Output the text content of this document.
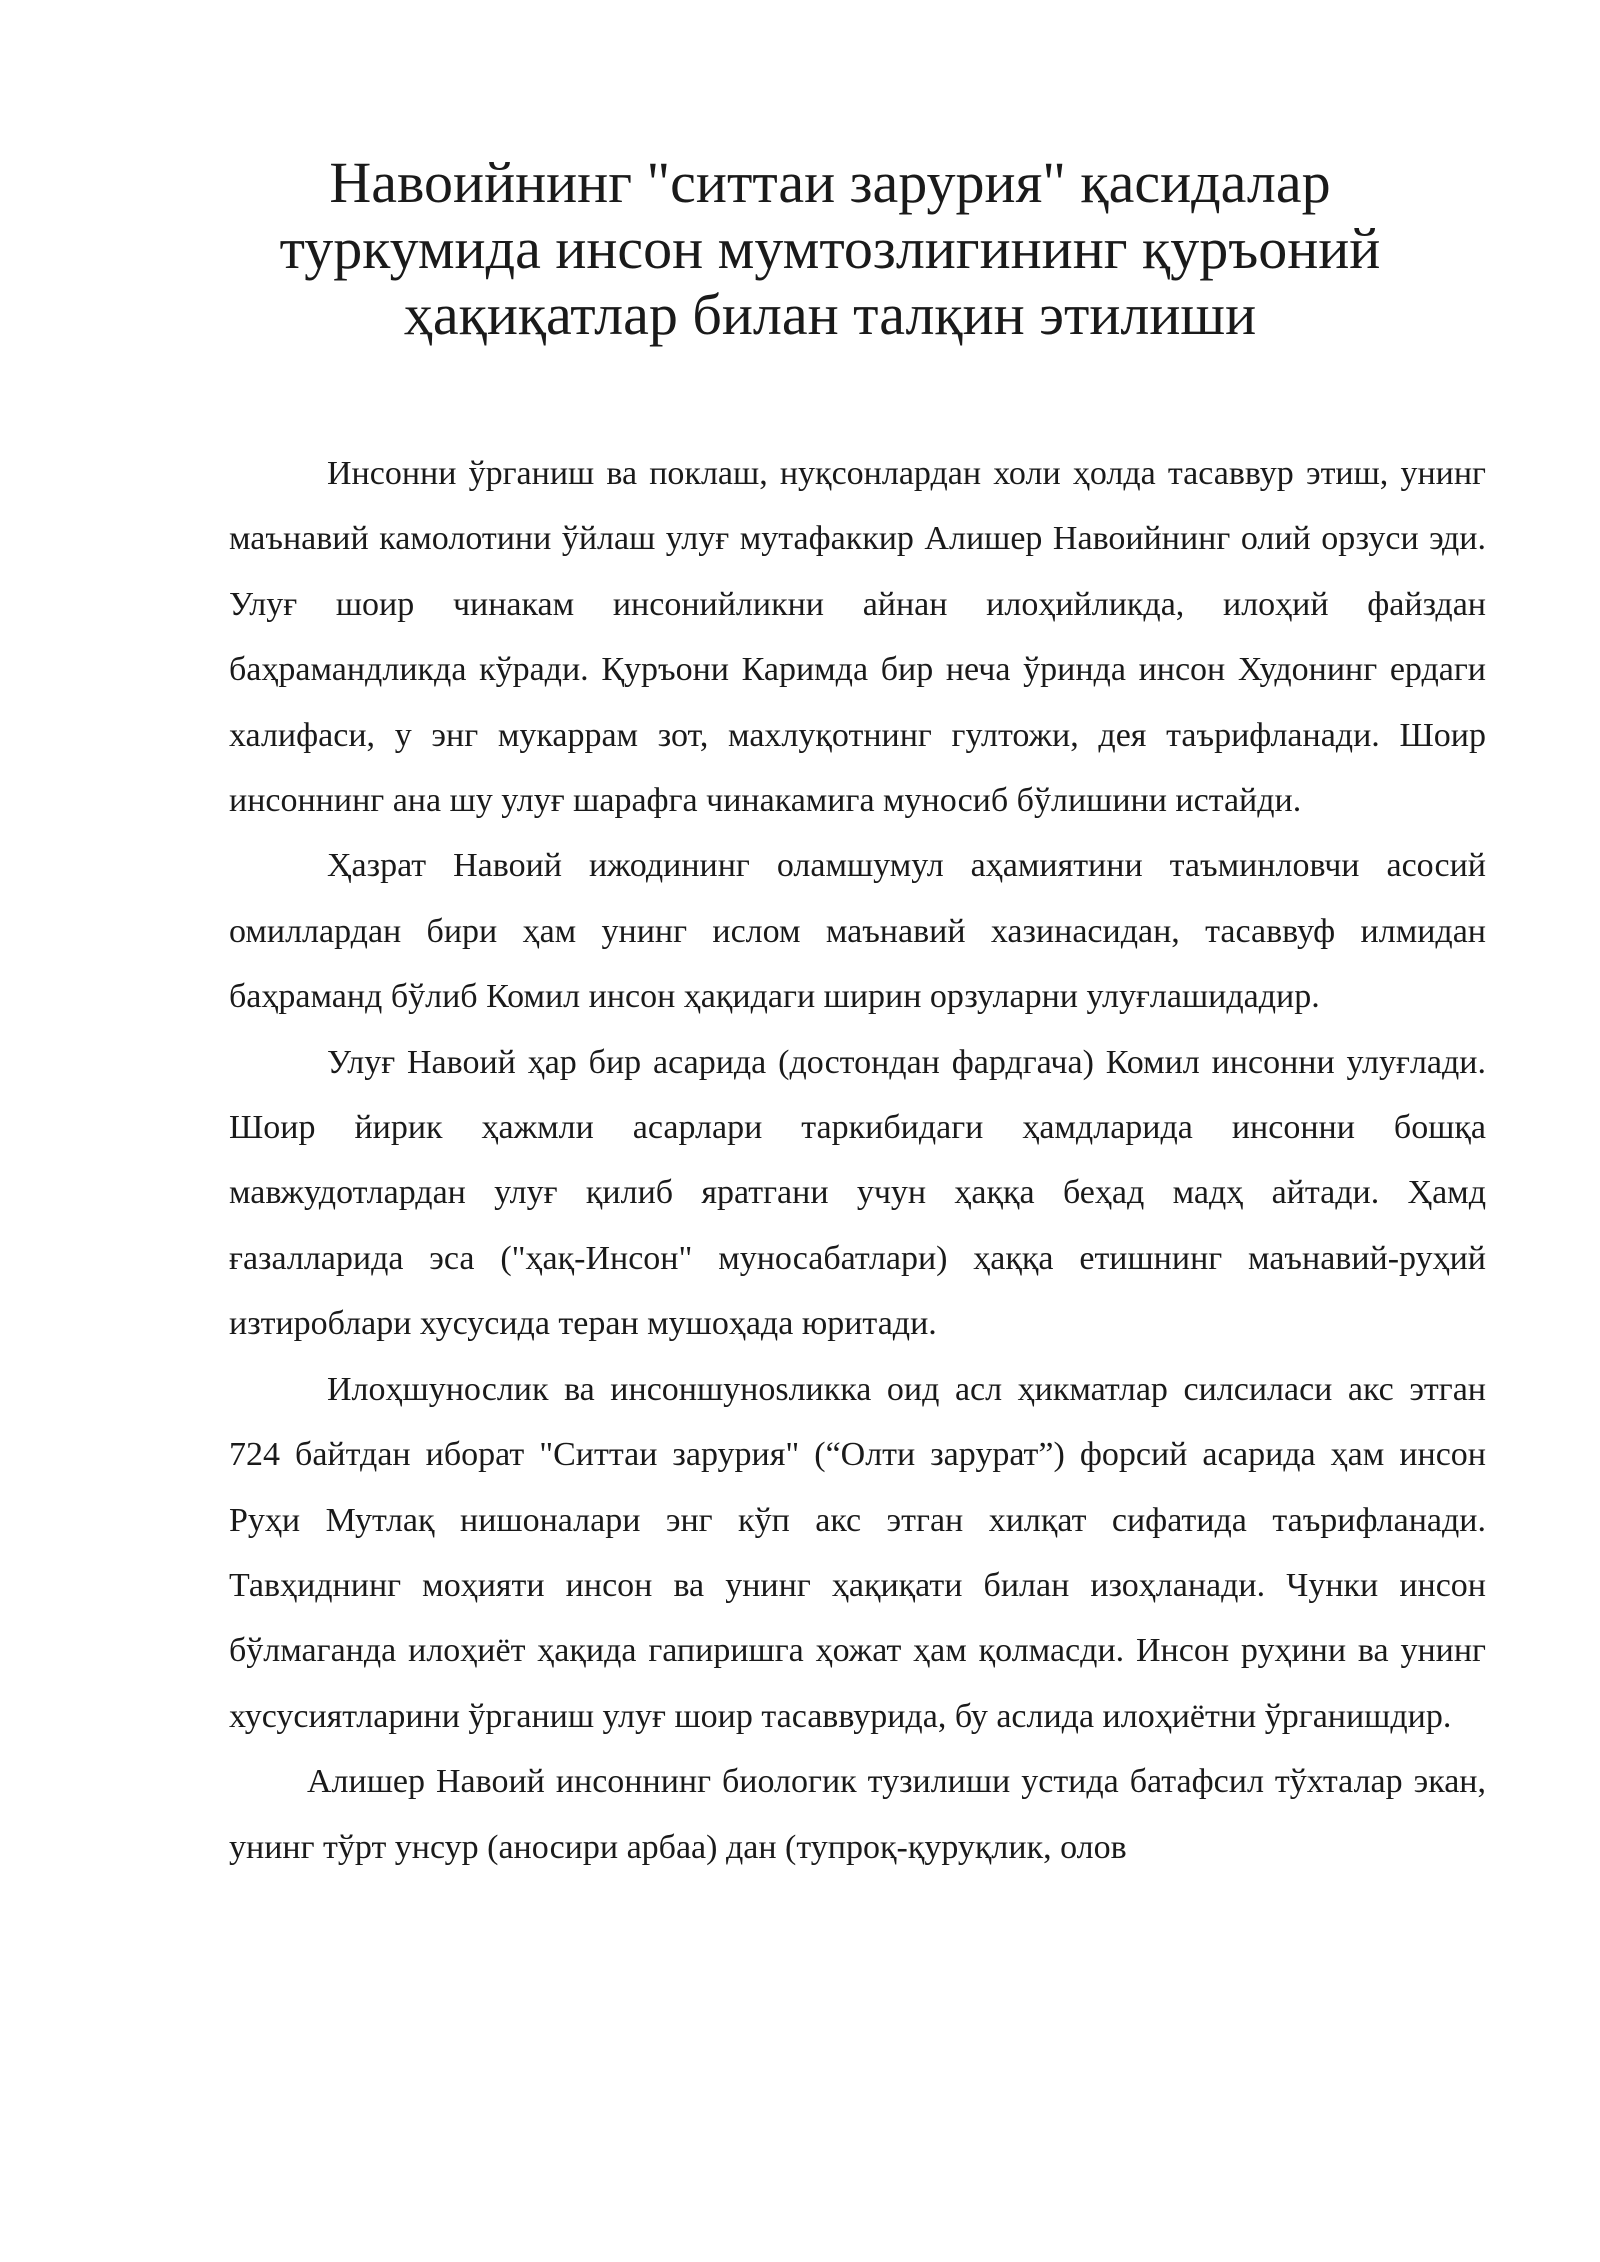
Навоийнинг "ситтаи зарурия" қасидалар
туркумида инсон мумтозлигининг қуръоний
ҳақиқатлар билан талқин этилиши

Инсонни ўрганиш ва поклаш, нуқсонлардан холи ҳолда тасаввур этиш, унинг маънавий камолотини ўйлаш улуғ мутафаккир Алишер Навоийнинг олий орзуси эди. Улуғ шоир чинакам инсонийликни айнан илоҳийликда, илоҳий файздан баҳрамандликда кўради. Қуръони Каримда бир неча ўринда инсон Худонинг ердаги халифаси, у энг мукаррам зот, махлуқотнинг гултожи, дея таърифланади. Шоир инсоннинг ана шу улуғ шарафга чинакамига муносиб бўлишини истайди.

Ҳазрат Навоий ижодининг оламшумул аҳамиятини таъминловчи асосий омиллардан бири ҳам унинг ислом маънавий хазинасидан, тасаввуф илмидан баҳраманд бўлиб Комил инсон ҳақидаги ширин орзуларни улуғлашидадир.

Улуғ Навоий ҳар бир асарида (достондан фардгача) Комил инсонни улуғлади. Шоир йирик ҳажмли асарлари таркибидаги ҳамдларида инсонни бошқа мавжудотлардан улуғ қилиб яратгани учун ҳаққа беҳад мадҳ айтади. Ҳамд ғазалларида эса ("ҳақ-Инсон" муносабатлари) ҳаққа етишнинг маънавий-руҳий изтироблари хусусида теран мушоҳада юритади.

Илоҳшунослик ва инсоншунosликка оид асл ҳикматлар силсиласи акс этган 724 байтдан иборат "Ситтаи зарурия" (“Олти зарурат”) форсий асарида ҳам инсон Руҳи Мутлақ нишоналари энг кўп акс этган хилқат сифатида таърифланади. Тавҳиднинг моҳияти инсон ва унинг ҳақиқати билан изоҳланади. Чунки инсон бўлмаганда илоҳиёт ҳақида гапиришга ҳожат ҳам қолмасди. Инсон руҳини ва унинг хусусиятларини ўрганиш улуғ шоир тасаввурида, бу аслида илоҳиётни ўрганишдир.

Алишер Навоий инсоннинг биологик тузилиши устида батафсил тўхталар экан, унинг тўрт унсур (аносири арбаа) дан (тупроқ-қуруқлик, олов
